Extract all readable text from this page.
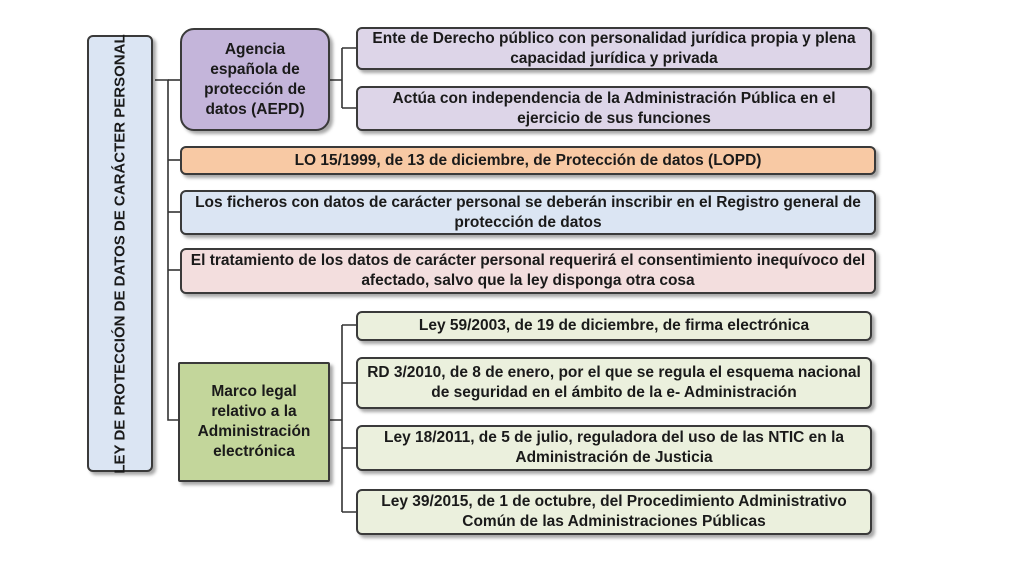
LEY DE PROTECCIÓN DE DATOS DE CARÁCTER PERSONAL	Agencia española de protección de datos (AEPD)
Ente de Derecho público con personalidad jurídica propia y plena capacidad jurídica y privada
Actúa con independencia de la Administración Pública en el ejercicio de sus funciones
LO 15/1999, de 13 de diciembre, de Protección de datos (LOPD)
Los ficheros con datos de carácter personal se deberán inscribir en el Registro general de protección de datos
El tratamiento de los datos de carácter personal requerirá el consentimiento inequívoco del afectado, salvo que la ley disponga otra cosa
Marco legal relativo a la Administración electrónica
Ley 59/2003, de 19 de diciembre, de firma electrónica
RD 3/2010, de 8 de enero, por el que se regula el esquema nacional de seguridad en el ámbito de la e- Administración
Ley 18/2011, de 5 de julio, reguladora del uso de las NTIC en la Administración de Justicia
Ley 39/2015, de 1 de octubre, del Procedimiento Administrativo Común de las Administraciones Públicas
